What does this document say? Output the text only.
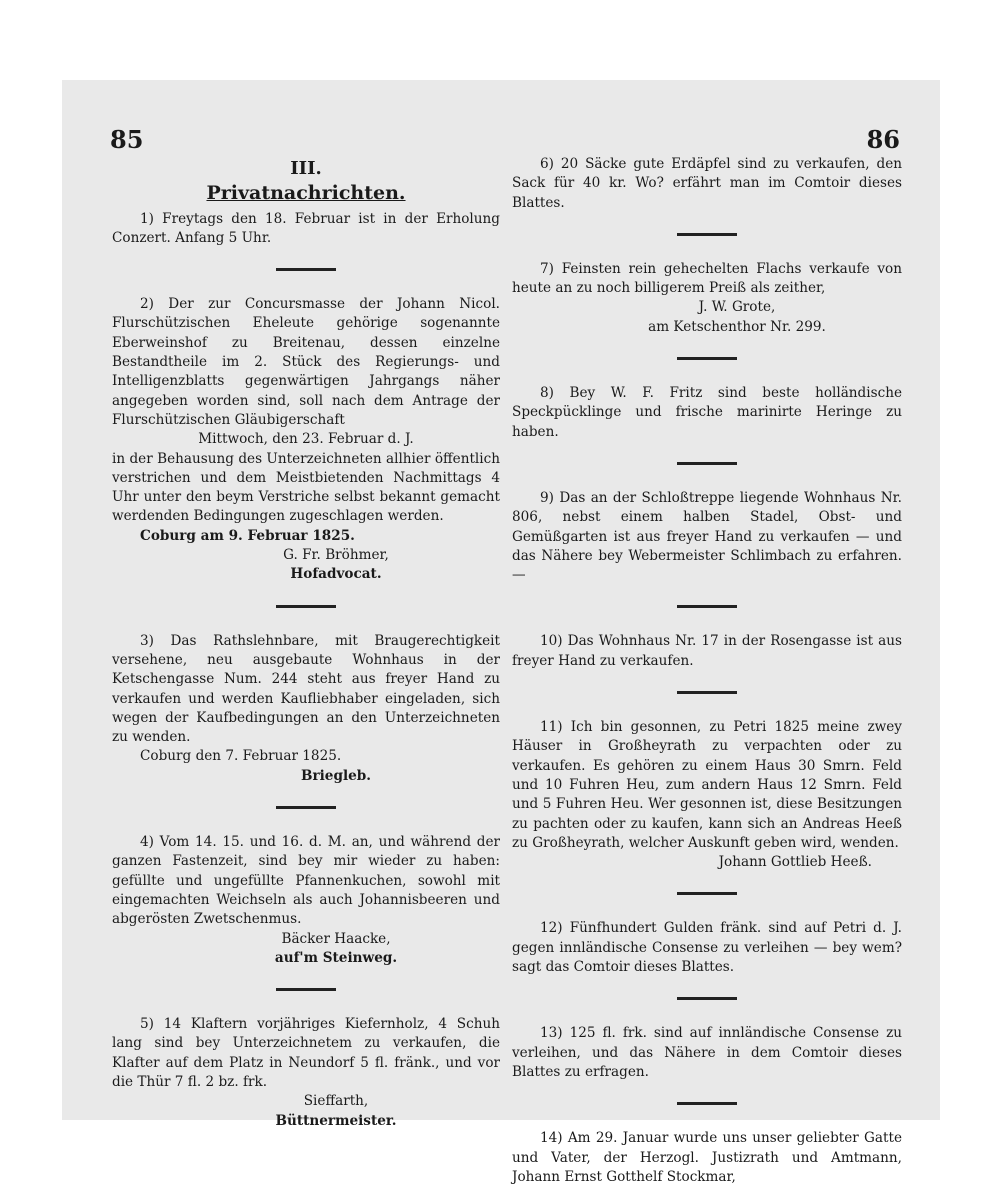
85	86
III.
Privatnachrichten.

1) Freytags den 18. Februar ist in der Erholung Conzert. Anfang 5 Uhr.

2) Der zur Concursmasse der Johann Nicol. Flurschützischen Eheleute gehörige sogenannte Eberweinshof zu Breitenau, dessen einzelne Bestandtheile im 2. Stück des Regierungs- und Intelligenzblatts gegenwärtigen Jahrgangs näher angegeben worden sind, soll nach dem Antrage der Flurschützischen Gläubigerschaft

Mittwoch, den 23. Februar d. J.

in der Behausung des Unterzeichneten allhier öffentlich verstrichen und dem Meistbietenden Nachmittags 4 Uhr unter den beym Verstriche selbst bekannt gemacht werdenden Bedingungen zugeschlagen werden.

Coburg am 9. Februar 1825.

G. Fr. Bröhmer,

Hofadvocat.

3) Das Rathslehnbare, mit Braugerechtigkeit versehene, neu ausgebaute Wohnhaus in der Ketschengasse Num. 244 steht aus freyer Hand zu verkaufen und werden Kaufliebhaber eingeladen, sich wegen der Kaufbedingungen an den Unterzeichneten zu wenden.

Coburg den 7. Februar 1825.

Briegleb.

4) Vom 14. 15. und 16. d. M. an, und während der ganzen Fastenzeit, sind bey mir wieder zu haben: gefüllte und ungefüllte Pfannenkuchen, sowohl mit eingemachten Weichseln als auch Johannisbeeren und abgerösten Zwetschenmus.

Bäcker Haacke,

auf'm Steinweg.

5) 14 Klaftern vorjähriges Kiefernholz, 4 Schuh lang sind bey Unterzeichnetem zu verkaufen, die Klafter auf dem Platz in Neundorf 5 fl. fränk., und vor die Thür 7 fl. 2 bz. frk.

Sieffarth,

Büttnermeister.

6) 20 Säcke gute Erdäpfel sind zu verkaufen, den Sack für 40 kr. Wo? erfährt man im Comtoir dieses Blattes.

7) Feinsten rein gehechelten Flachs verkaufe von heute an zu noch billigerem Preiß als zeither,

J. W. Grote,

am Ketschenthor Nr. 299.

8) Bey W. F. Fritz sind beste holländische Speckpücklinge und frische marinirte Heringe zu haben.

9) Das an der Schloßtreppe liegende Wohnhaus Nr. 806, nebst einem halben Stadel, Obst- und Gemüßgarten ist aus freyer Hand zu verkaufen — und das Nähere bey Webermeister Schlimbach zu erfahren. —

10) Das Wohnhaus Nr. 17 in der Rosengasse ist aus freyer Hand zu verkaufen.

11) Ich bin gesonnen, zu Petri 1825 meine zwey Häuser in Großheyrath zu verpachten oder zu verkaufen. Es gehören zu einem Haus 30 Smrn. Feld und 10 Fuhren Heu, zum andern Haus 12 Smrn. Feld und 5 Fuhren Heu. Wer gesonnen ist, diese Besitzungen zu pachten oder zu kaufen, kann sich an Andreas Heeß zu Großheyrath, welcher Auskunft geben wird, wenden.

Johann Gottlieb Heeß.

12) Fünfhundert Gulden fränk. sind auf Petri d. J. gegen innländische Consense zu verleihen — bey wem? sagt das Comtoir dieses Blattes.

13) 125 fl. frk. sind auf innländische Consense zu verleihen, und das Nähere in dem Comtoir dieses Blattes zu erfragen.

14) Am 29. Januar wurde uns unser geliebter Gatte und Vater, der Herzogl. Justizrath und Amtmann, Johann Ernst Gotthelf Stockmar,
